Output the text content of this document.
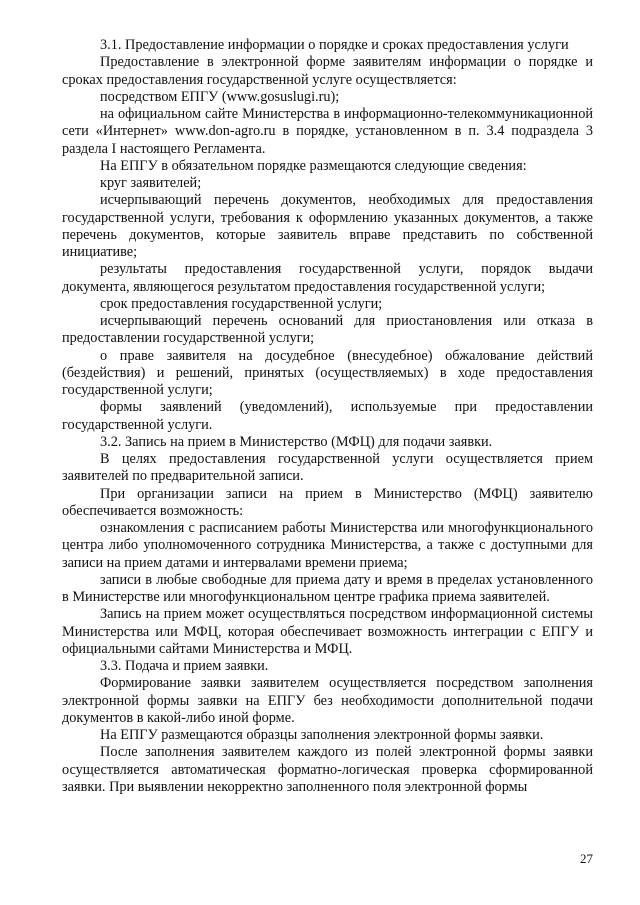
3.1. Предоставление информации о порядке и сроках предоставления услуги

Предоставление в электронной форме заявителям информации о порядке и сроках предоставления государственной услуге осуществляется:

посредством ЕПГУ (www.gosuslugi.ru);

на официальном сайте Министерства в информационно-телекоммуникационной сети «Интернет» www.don-agro.ru в порядке, установленном в п. 3.4 подраздела 3 раздела I настоящего Регламента.

На ЕПГУ в обязательном порядке размещаются следующие сведения:

круг заявителей;

исчерпывающий перечень документов, необходимых для предоставления государственной услуги, требования к оформлению указанных документов, а также перечень документов, которые заявитель вправе представить по собственной инициативе;

результаты предоставления государственной услуги, порядок выдачи документа, являющегося результатом предоставления государственной услуги;

срок предоставления государственной услуги;

исчерпывающий перечень оснований для приостановления или отказа в предоставлении государственной услуги;

о праве заявителя на досудебное (внесудебное) обжалование действий (бездействия) и решений, принятых (осуществляемых) в ходе предоставления государственной услуги;

формы заявлений (уведомлений), используемые при предоставлении государственной услуги.

3.2. Запись на прием в Министерство (МФЦ) для подачи заявки.

В целях предоставления государственной услуги осуществляется прием заявителей по предварительной записи.

При организации записи на прием в Министерство (МФЦ) заявителю обеспечивается возможность:

ознакомления с расписанием работы Министерства или многофункционального центра либо уполномоченного сотрудника Министерства, а также с доступными для записи на прием датами и интервалами времени приема;

записи в любые свободные для приема дату и время в пределах установленного в Министерстве или многофункциональном центре графика приема заявителей.

Запись на прием может осуществляться посредством информационной системы Министерства или МФЦ, которая обеспечивает возможность интеграции с ЕПГУ и официальными сайтами Министерства и МФЦ.

3.3. Подача и прием заявки.

Формирование заявки заявителем осуществляется посредством заполнения электронной формы заявки на ЕПГУ без необходимости дополнительной подачи документов в какой-либо иной форме.

На ЕПГУ размещаются образцы заполнения электронной формы заявки.

После заполнения заявителем каждого из полей электронной формы заявки осуществляется автоматическая форматно-логическая проверка сформированной заявки. При выявлении некорректно заполненного поля электронной формы

27
